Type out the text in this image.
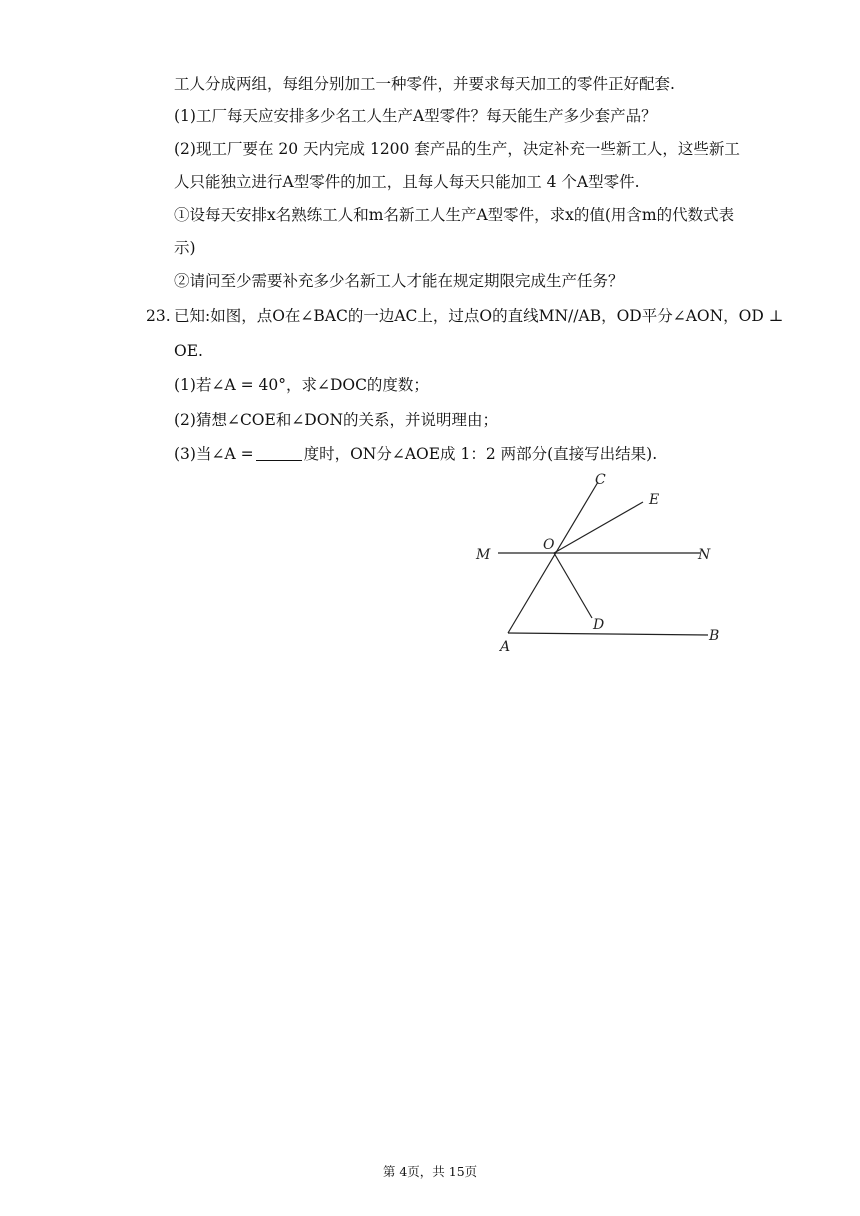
工人分成两组，每组分别加工一种零件，并要求每天加工的零件正好配套.
(1)工厂每天应安排多少名工人生产A型零件？每天能生产多少套产品？
(2)现工厂要在 20 天内完成 1200 套产品的生产，决定补充一些新工人，这些新工
人只能独立进行A型零件的加工，且每人每天只能加工 4 个A型零件.
①设每天安排x名熟练工人和m名新工人生产A型零件，求x的值(用含m的代数式表
示)
②请问至少需要补充多少名新工人才能在规定期限完成生产任务？
23. 已知:如图，点O在∠BAC的一边AC上，过点O的直线MN//AB，OD平分∠AON，OD ⊥
OE.
(1)若∠A = 40°，求∠DOC的度数；
(2)猜想∠COE和∠DON的关系，并说明理由；
(3)当∠A =	度时，ON分∠AOE成 1：2 两部分(直接写出结果).
C
E
O
M	N
D
A
B
第 4页，共 15页
